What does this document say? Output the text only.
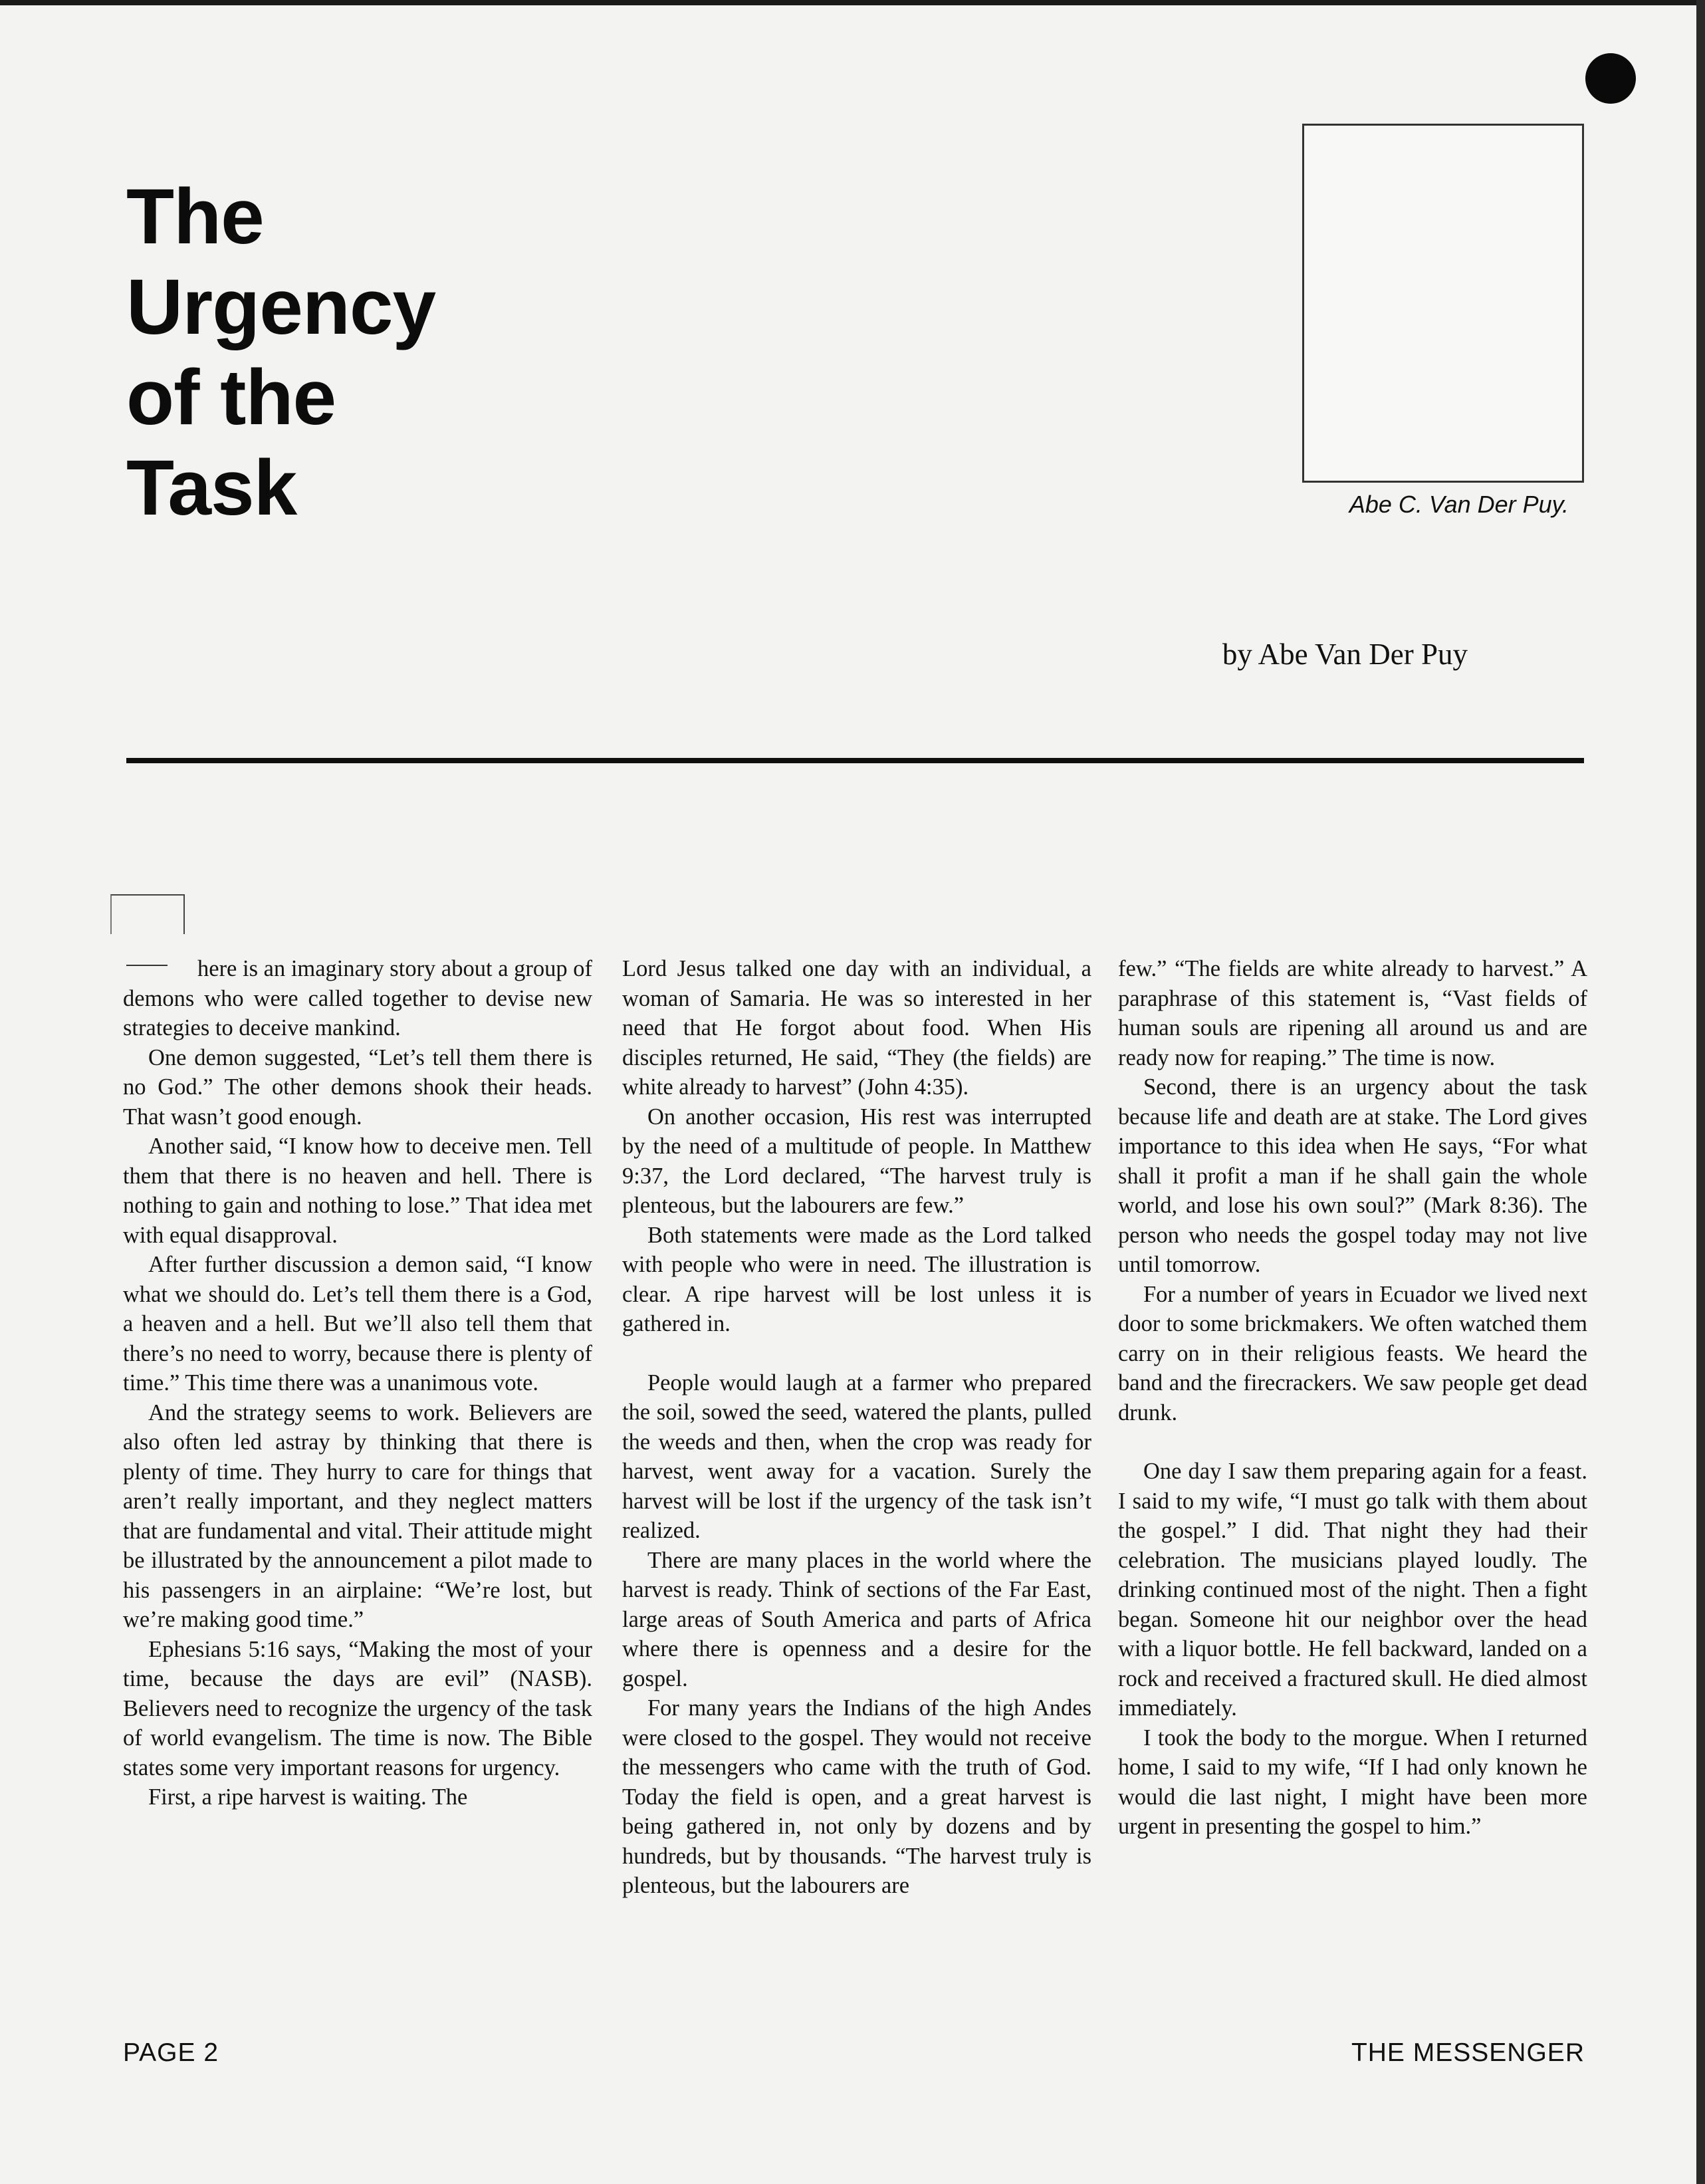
The
Urgency
of the
Task	Abe C. Van Der Puy.
by Abe Van Der Puy

here is an imaginary story about a group of demons who were called together to devise new strategies to deceive mankind.

One demon suggested, “Let’s tell them there is no God.” The other demons shook their heads. That wasn’t good enough.

Another said, “I know how to deceive men. Tell them that there is no heaven and hell. There is nothing to gain and nothing to lose.” That idea met with equal disapproval.

After further discussion a demon said, “I know what we should do. Let’s tell them there is a God, a heaven and a hell. But we’ll also tell them that there’s no need to worry, because there is plenty of time.” This time there was a unanimous vote.

And the strategy seems to work. Believers are also often led astray by thinking that there is plenty of time. They hurry to care for things that aren’t really important, and they neglect matters that are fundamental and vital. Their attitude might be illustrated by the announcement a pilot made to his passengers in an airplaine: “We’re lost, but we’re making good time.”

Ephesians 5:16 says, “Making the most of your time, because the days are evil” (NASB). Believers need to recognize the urgency of the task of world evangelism. The time is now. The Bible states some very important reasons for urgency.

First, a ripe harvest is waiting. The

Lord Jesus talked one day with an individual, a woman of Samaria. He was so interested in her need that He forgot about food. When His disciples returned, He said, “They (the fields) are white already to harvest” (John 4:35).

On another occasion, His rest was interrupted by the need of a multitude of people. In Matthew 9:37, the Lord declared, “The harvest truly is plenteous, but the labourers are few.”

Both statements were made as the Lord talked with people who were in need. The illustration is clear. A ripe harvest will be lost unless it is gathered in.

People would laugh at a farmer who prepared the soil, sowed the seed, watered the plants, pulled the weeds and then, when the crop was ready for harvest, went away for a vacation. Surely the harvest will be lost if the urgency of the task isn’t realized.

There are many places in the world where the harvest is ready. Think of sections of the Far East, large areas of South America and parts of Africa where there is openness and a desire for the gospel.

For many years the Indians of the high Andes were closed to the gospel. They would not receive the messengers who came with the truth of God. Today the field is open, and a great harvest is being gathered in, not only by dozens and by hundreds, but by thousands. “The harvest truly is plenteous, but the labourers are

few.” “The fields are white already to harvest.” A paraphrase of this statement is, “Vast fields of human souls are ripening all around us and are ready now for reaping.” The time is now.

Second, there is an urgency about the task because life and death are at stake. The Lord gives importance to this idea when He says, “For what shall it profit a man if he shall gain the whole world, and lose his own soul?” (Mark 8:36). The person who needs the gospel today may not live until tomorrow.

For a number of years in Ecuador we lived next door to some brickmakers. We often watched them carry on in their religious feasts. We heard the band and the firecrackers. We saw people get dead drunk.

One day I saw them preparing again for a feast. I said to my wife, “I must go talk with them about the gospel.” I did. That night they had their celebration. The musicians played loudly. The drinking continued most of the night. Then a fight began. Someone hit our neighbor over the head with a liquor bottle. He fell backward, landed on a rock and received a fractured skull. He died almost immediately.

I took the body to the morgue. When I returned home, I said to my wife, “If I had only known he would die last night, I might have been more urgent in presenting the gospel to him.”

PAGE 2	THE MESSENGER
